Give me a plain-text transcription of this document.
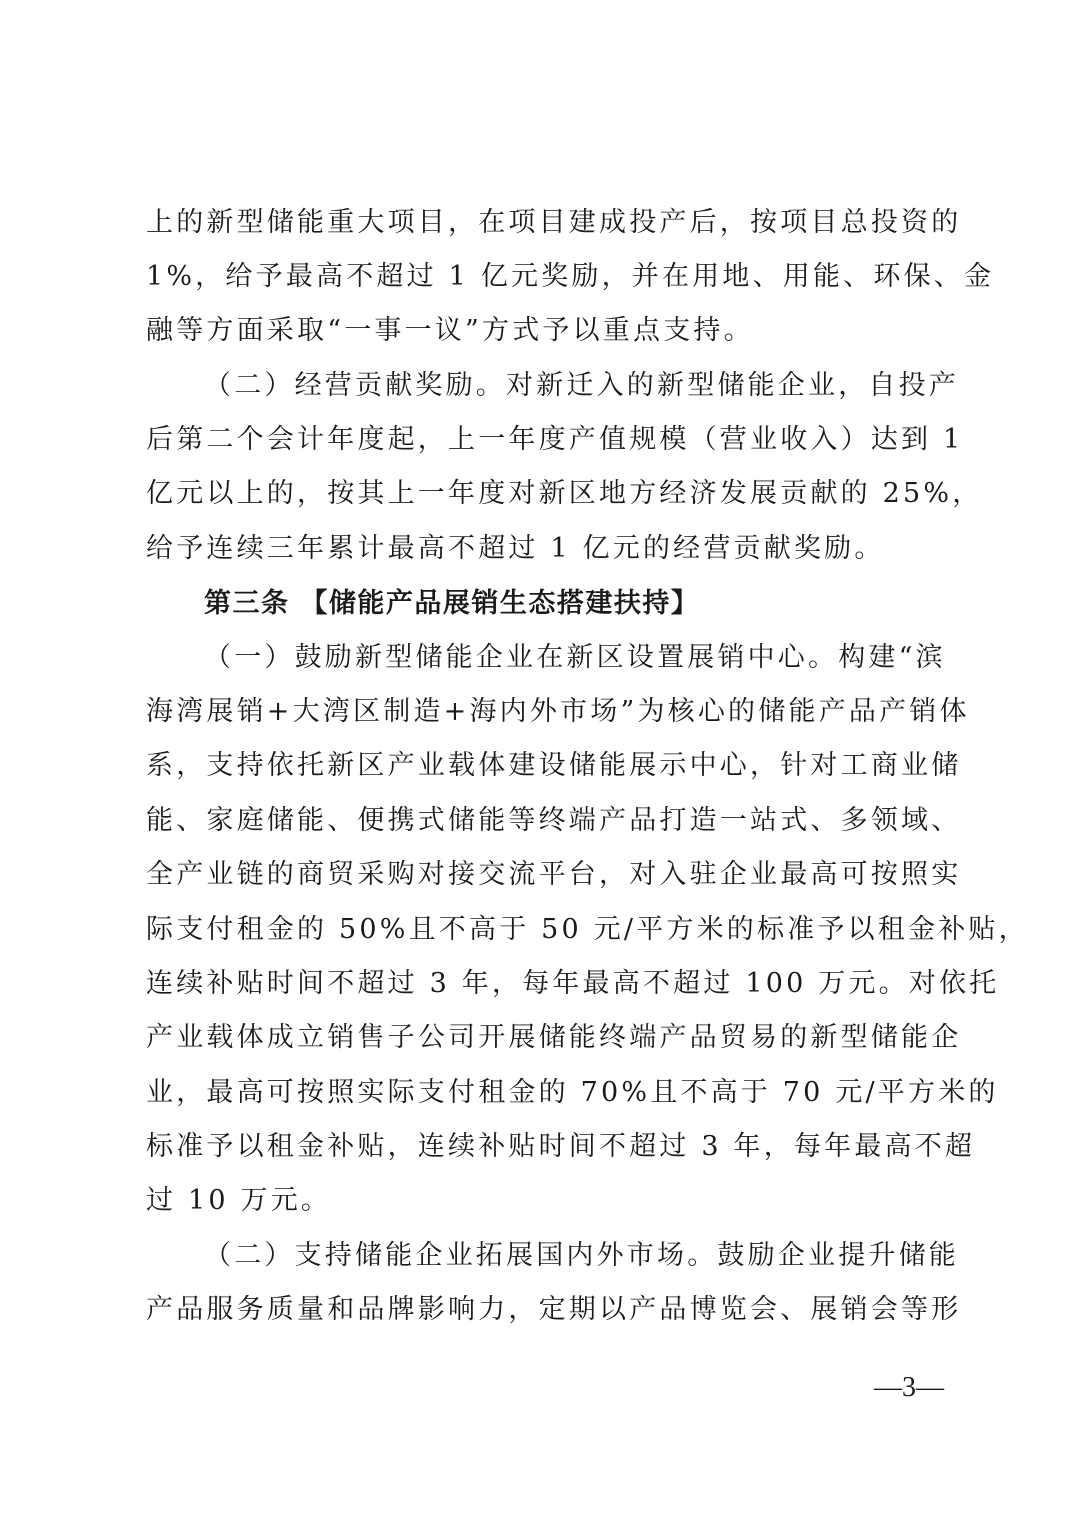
上的新型储能重大项目，在项目建成投产后，按项目总投资的
1%，给予最高不超过 1 亿元奖励，并在用地、用能、环保、金
融等方面采取“一事一议”方式予以重点支持。
（二）经营贡献奖励。对新迁入的新型储能企业，自投产
后第二个会计年度起，上一年度产值规模（营业收入）达到 1
亿元以上的，按其上一年度对新区地方经济发展贡献的 25%，
给予连续三年累计最高不超过 1 亿元的经营贡献奖励。
第三条 【储能产品展销生态搭建扶持】
（一）鼓励新型储能企业在新区设置展销中心。构建“滨
海湾展销+大湾区制造+海内外市场”为核心的储能产品产销体
系，支持依托新区产业载体建设储能展示中心，针对工商业储
能、家庭储能、便携式储能等终端产品打造一站式、多领域、
全产业链的商贸采购对接交流平台，对入驻企业最高可按照实
际支付租金的 50%且不高于 50 元/平方米的标准予以租金补贴，
连续补贴时间不超过 3 年，每年最高不超过 100 万元。对依托
产业载体成立销售子公司开展储能终端产品贸易的新型储能企
业，最高可按照实际支付租金的 70%且不高于 70 元/平方米的
标准予以租金补贴，连续补贴时间不超过 3 年，每年最高不超
过 10 万元。
（二）支持储能企业拓展国内外市场。鼓励企业提升储能
产品服务质量和品牌影响力，定期以产品博览会、展销会等形
—3—
